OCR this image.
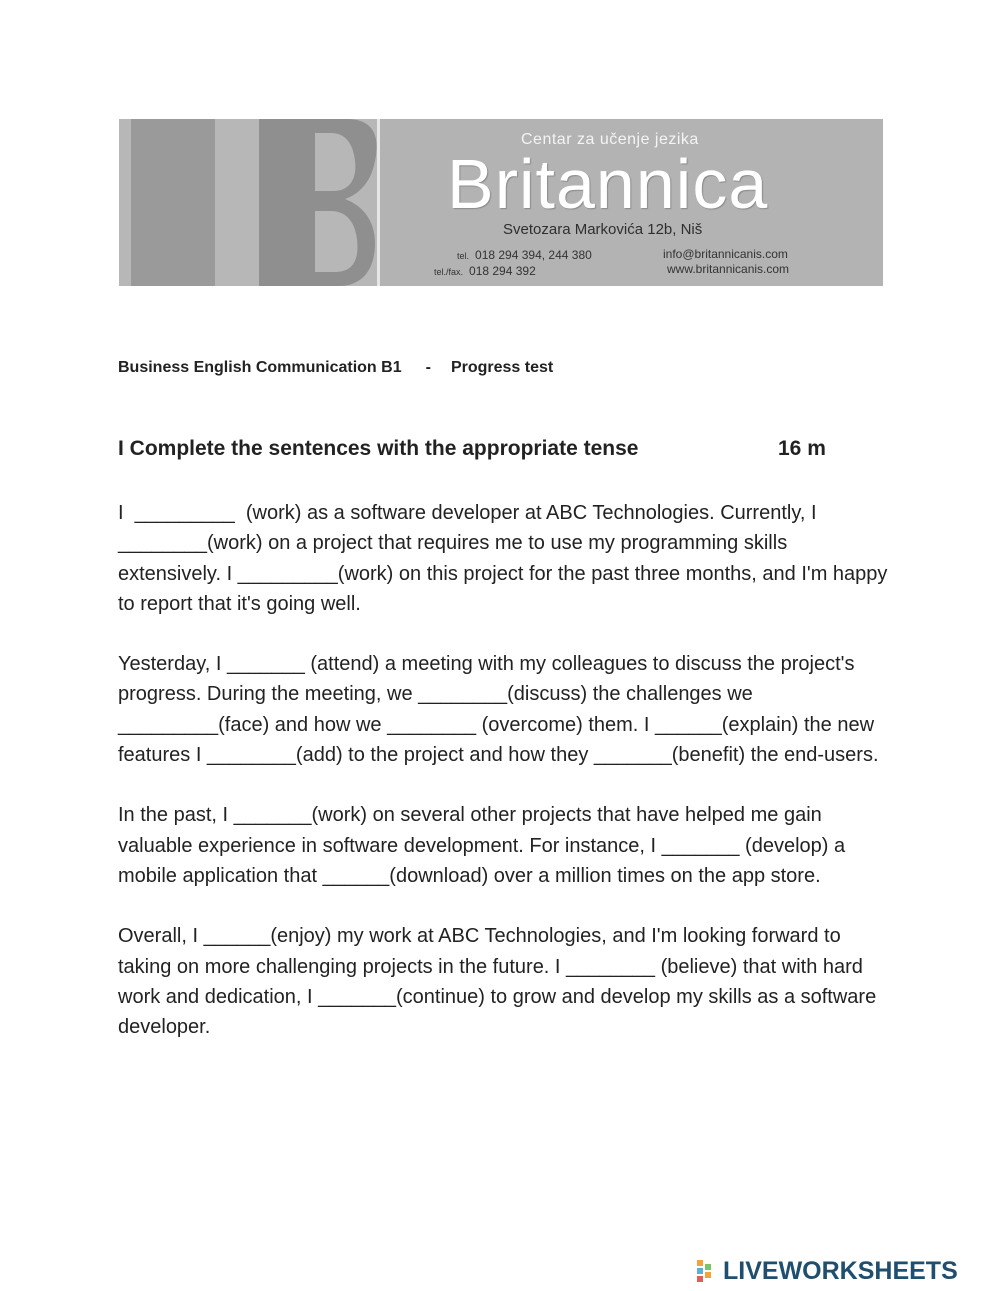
Centar za učenje jezika
Britannica
Svetozara Markovića 12b, Niš
tel. 018 294 394, 244 380
tel./fax. 018 294 392
info@britannicanis.com
www.britannicanis.com
Business English Communication B1 - Progress test
I Complete the sentences with the appropriate tense	16 m

I  _________  (work) as a software developer at ABC Technologies. Currently, I  ________(work) on a project that requires me to use my programming skills extensively. I _________(work) on this project for the past three months, and I'm happy to report that it's going well.

Yesterday, I _______ (attend) a meeting with my colleagues to discuss the project's progress. During the meeting, we ________(discuss) the challenges we       _________(face) and how we ________ (overcome) them. I ______(explain) the new features I ________(add) to the project and how they _______(benefit) the end-users.

In the past, I _______(work) on several other projects that have helped me gain valuable experience in software development. For instance, I _______ (develop) a mobile application that ______(download) over a million times on the app store.

Overall, I ______(enjoy) my work at ABC Technologies, and I'm looking forward to taking on more challenging projects in the future. I ________ (believe) that with hard work and dedication, I _______(continue) to grow and develop my skills as a software developer.

LIVEWORKSHEETS
